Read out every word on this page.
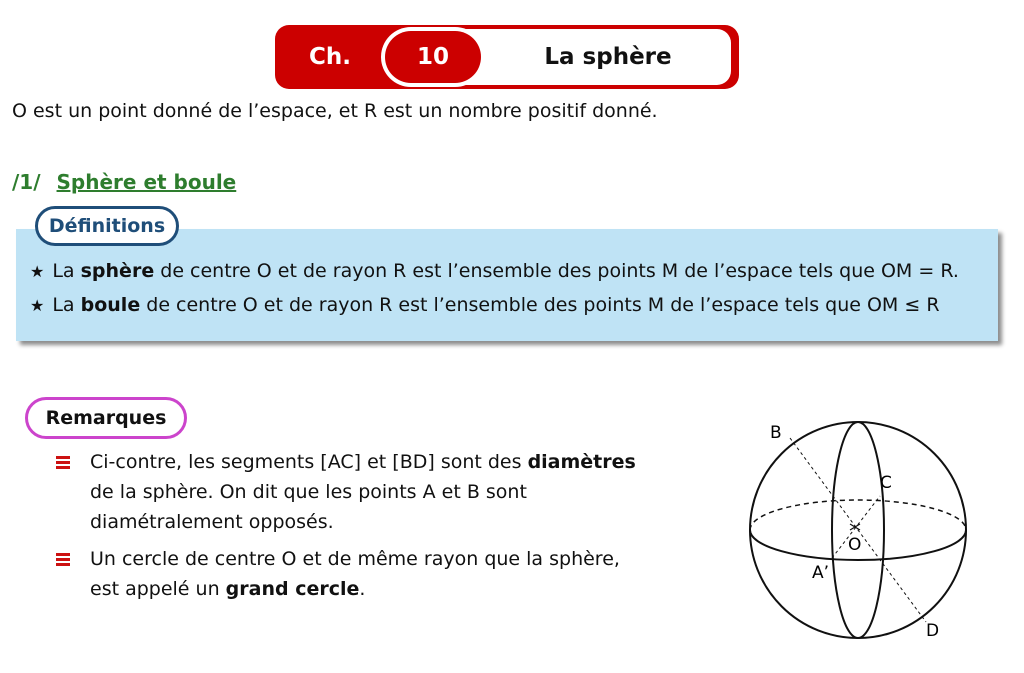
Ch.	10	La sphère
O est un point donné de l’espace, et R est un nombre positif donné.
/1/ Sphère et boule
Définitions
★ La sphère de centre O et de rayon R est l’ensemble des points M de l’espace tels que OM = R.
★ La boule de centre O et de rayon R est l’ensemble des points M de l’espace tels que OM ≤ R
Remarques
Ci-contre, les segments [AC] et [BD] sont des diamètres
de la sphère. On dit que les points A et B sont
diamétralement opposés.
Un cercle de centre O et de même rayon que la sphère,
est appelé un grand cercle.
B
C
O
A’
D
